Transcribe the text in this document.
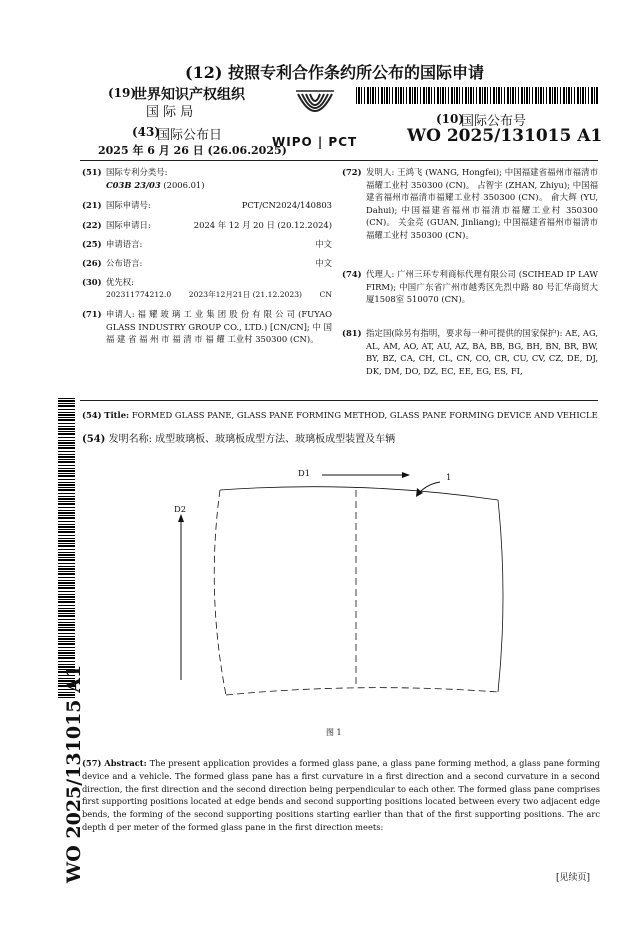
(12) 按照专利合作条约所公布的国际申请
(19)
世界知识产权组织
国 际 局
WIPO | PCT
(43)
国际公布日
2025 年 6 月 26 日 (26.06.2025)
(10)
国际公布号
WO 2025/131015 A1
(51) 国际专利分类号:
C03B 23/03 (2006.01)
(21) 国际申请号:	PCT/CN2024/140803
(22) 国际申请日:	2024 年 12 月 20 日 (20.12.2024)
(25) 申请语言:	中文
(26) 公布语言:	中文
(30) 优先权:
202311774212.0 2023年12月21日 (21.12.2023) CN
(71) 申请人: 福 耀 玻 璃 工 业 集 团 股 份 有 限 公 司 (FUYAO GLASS INDUSTRY GROUP CO., LTD.) [CN/CN]; 中 国 福 建 省 福 州 市 福 清 市 福 耀 工业村 350300 (CN)。
(72) 发明人: 王鸿飞 (WANG, Hongfei); 中国福建省福州市福清市福耀工业村 350300 (CN)。 占智宇 (ZHAN, Zhiyu); 中国福建省福州市福清市福耀工业村 350300 (CN)。 俞大辉 (YU, Dahui); 中国福建省福州市福清市福耀工业村 350300 (CN)。 关金亮 (GUAN, Jinliang); 中国福建省福州市福清市福耀工业村 350300 (CN)。
(74) 代理人: 广州三环专利商标代理有限公司 (SCIHEAD IP LAW FIRM); 中国广东省广州市越秀区先烈中路 80 号汇华商贸大厦1508室 510070 (CN)。
(81) 指定国(除另有指明，要求每一种可提供的国家保护): AE, AG, AL, AM, AO, AT, AU, AZ, BA, BB, BG, BH, BN, BR, BW, BY, BZ, CA, CH, CL, CN, CO, CR, CU, CV, CZ, DE, DJ, DK, DM, DO, DZ, EC, EE, EG, ES, FI,
(54) Title: FORMED GLASS PANE, GLASS PANE FORMING METHOD, GLASS PANE FORMING DEVICE AND VEHICLE
(54) 发明名称: 成型玻璃板、玻璃板成型方法、玻璃板成型装置及车辆
D1
D2
1
图 1
(57) Abstract: The present application provides a formed glass pane, a glass pane forming method, a glass pane forming device and a vehicle. The formed glass pane has a first curvature in a first direction and a second curvature in a second direction, the first direction and the second direction being perpendicular to each other. The formed glass pane comprises first supporting positions located at edge bends and second supporting positions located between every two adjacent edge bends, the forming of the second supporting positions starting earlier than that of the first supporting positions. The arc depth d per meter of the formed glass pane in the first direction meets:
WO 2025/131015 A1	[见续页]
